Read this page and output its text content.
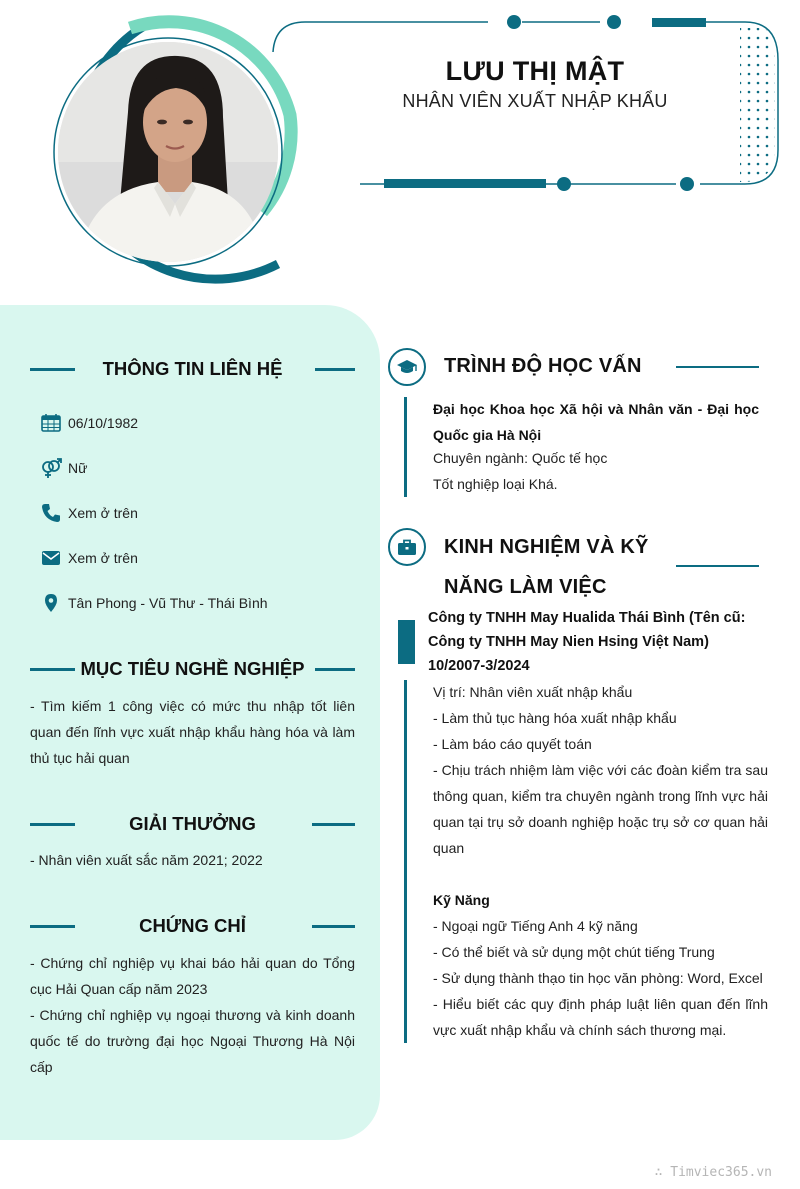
LƯU THỊ MẬT
NHÂN VIÊN XUẤT NHẬP KHẨU
THÔNG TIN LIÊN HỆ
06/10/1982
Nữ
Xem ở trên
Xem ở trên
Tân Phong - Vũ Thư - Thái Bình
MỤC TIÊU NGHỀ NGHIỆP
- Tìm kiếm 1 công việc có mức thu nhập tốt liên quan đến lĩnh vực xuất nhập khẩu hàng hóa và làm thủ tục hải quan
GIẢI THƯỞNG
- Nhân viên xuất sắc năm 2021; 2022
CHỨNG CHỈ
- Chứng chỉ nghiệp vụ khai báo hải quan do Tổng cục Hải Quan cấp năm 2023
- Chứng chỉ nghiệp vụ ngoại thương và kinh doanh quốc tế do trường đại học Ngoại Thương Hà Nội cấp
TRÌNH ĐỘ HỌC VẤN
Đại học Khoa học Xã hội và Nhân văn - Đại học Quốc gia Hà Nội
Chuyên ngành: Quốc tế học
Tốt nghiệp loại Khá.
KINH NGHIỆM VÀ KỸ
NĂNG LÀM VIỆC
Công ty TNHH May Hualida Thái Bình (Tên cũ: Công ty TNHH May Nien Hsing Việt Nam)
10/2007-3/2024
Vị trí: Nhân viên xuất nhập khẩu
- Làm thủ tục hàng hóa xuất nhập khẩu
- Làm báo cáo quyết toán
- Chịu trách nhiệm làm việc với các đoàn kiểm tra sau thông quan, kiểm tra chuyên ngành trong lĩnh vực hải quan tại trụ sở doanh nghiệp hoặc trụ sở cơ quan hải quan
Kỹ Năng
- Ngoại ngữ Tiếng Anh 4 kỹ năng
- Có thể biết và sử dụng một chút tiếng Trung
- Sử dụng thành thạo tin học văn phòng: Word, Excel
- Hiểu biết các quy định pháp luật liên quan đến lĩnh vực xuất nhập khẩu và chính sách thương mại.
∴ Timviec365.vn
